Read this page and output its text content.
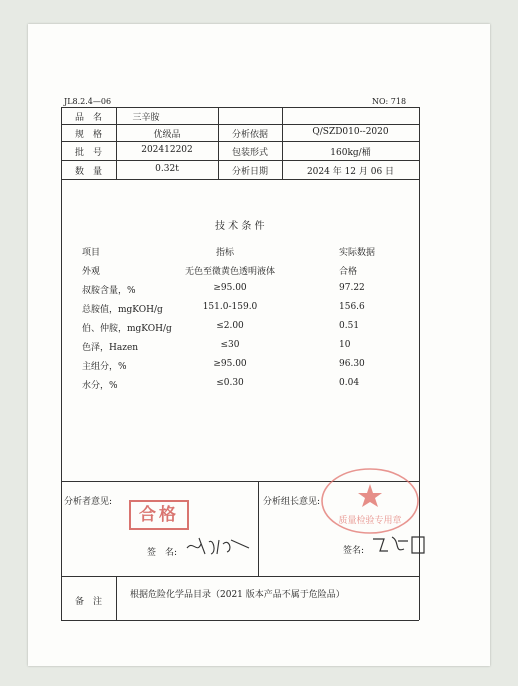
JL8.2.4—06	NO: 718
品　名	三辛胺
规　格	优级品	分析依据	Q/SZD010--2020
批　号	202412202	包装形式	160kg/桶
数　量	0.32t	分析日期	2024 年 12 月 06 日
技 术 条 件
项目	指标	实际数据
外观	无色至微黄色透明液体	合格
叔胺含量，%	≥95.00	97.22
总胺值，mgKOH/g	151.0-159.0	156.6
伯、仲胺，mgKOH/g	≤2.00	0.51
色泽，Hazen	≤30	10
主组分，%	≥95.00	96.30
水分，%	≤0.30	0.04
分析者意见:
合格
签　名:
分析组长意见:
质量检验专用章
签名:
备　注
根据危险化学品目录（2021 版本产品不属于危险品）
